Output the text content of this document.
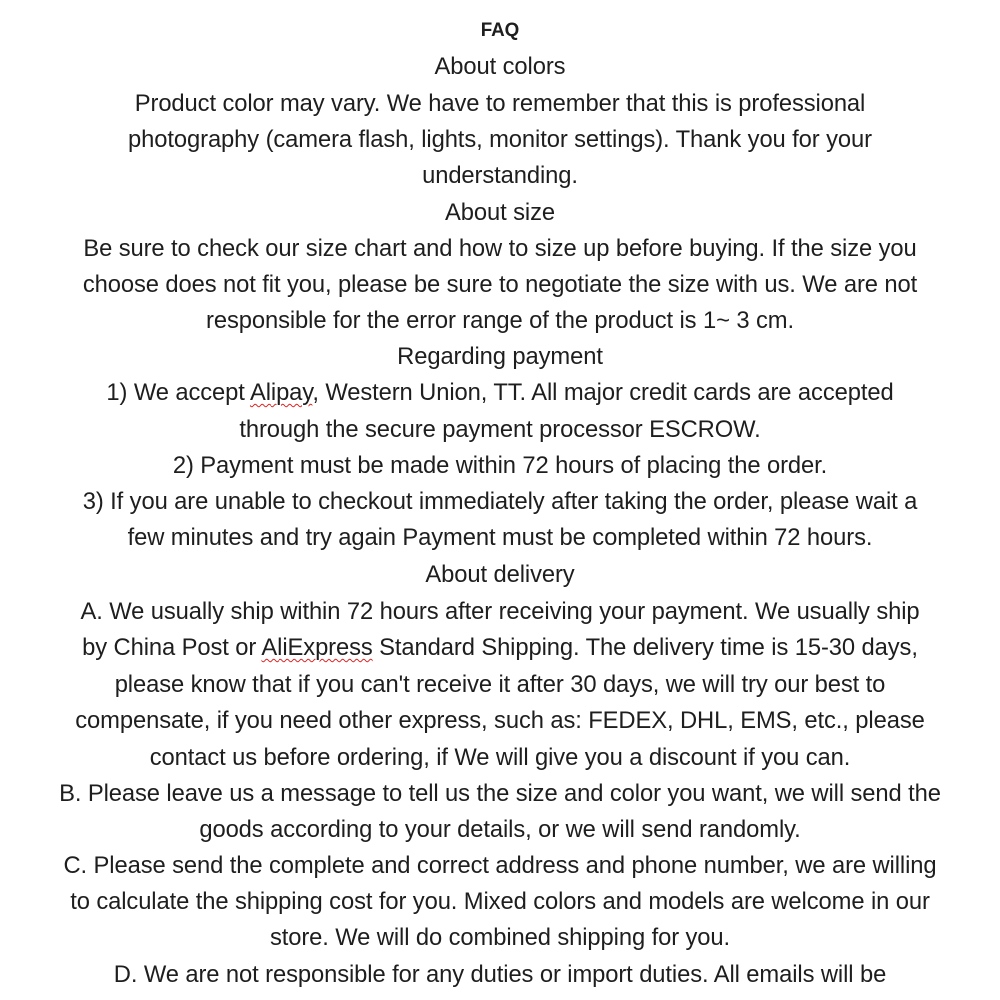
FAQ
About colors
Product color may vary. We have to remember that this is professional
photography (camera flash, lights, monitor settings). Thank you for your
understanding.
About size
Be sure to check our size chart and how to size up before buying. If the size you
choose does not fit you, please be sure to negotiate the size with us. We are not
responsible for the error range of the product is 1~ 3 cm.
Regarding payment
1) We accept Alipay, Western Union, TT. All major credit cards are accepted
through the secure payment processor ESCROW.
2) Payment must be made within 72 hours of placing the order.
3) If you are unable to checkout immediately after taking the order, please wait a
few minutes and try again Payment must be completed within 72 hours.
About delivery
A. We usually ship within 72 hours after receiving your payment. We usually ship
by China Post or AliExpress Standard Shipping. The delivery time is 15-30 days,
please know that if you can't receive it after 30 days, we will try our best to
compensate, if you need other express, such as: FEDEX, DHL, EMS, etc., please
contact us before ordering, if We will give you a discount if you can.
B. Please leave us a message to tell us the size and color you want, we will send the
goods according to your details, or we will send randomly.
C. Please send the complete and correct address and phone number, we are willing
to calculate the shipping cost for you. Mixed colors and models are welcome in our
store. We will do combined shipping for you.
D. We are not responsible for any duties or import duties. All emails will be
